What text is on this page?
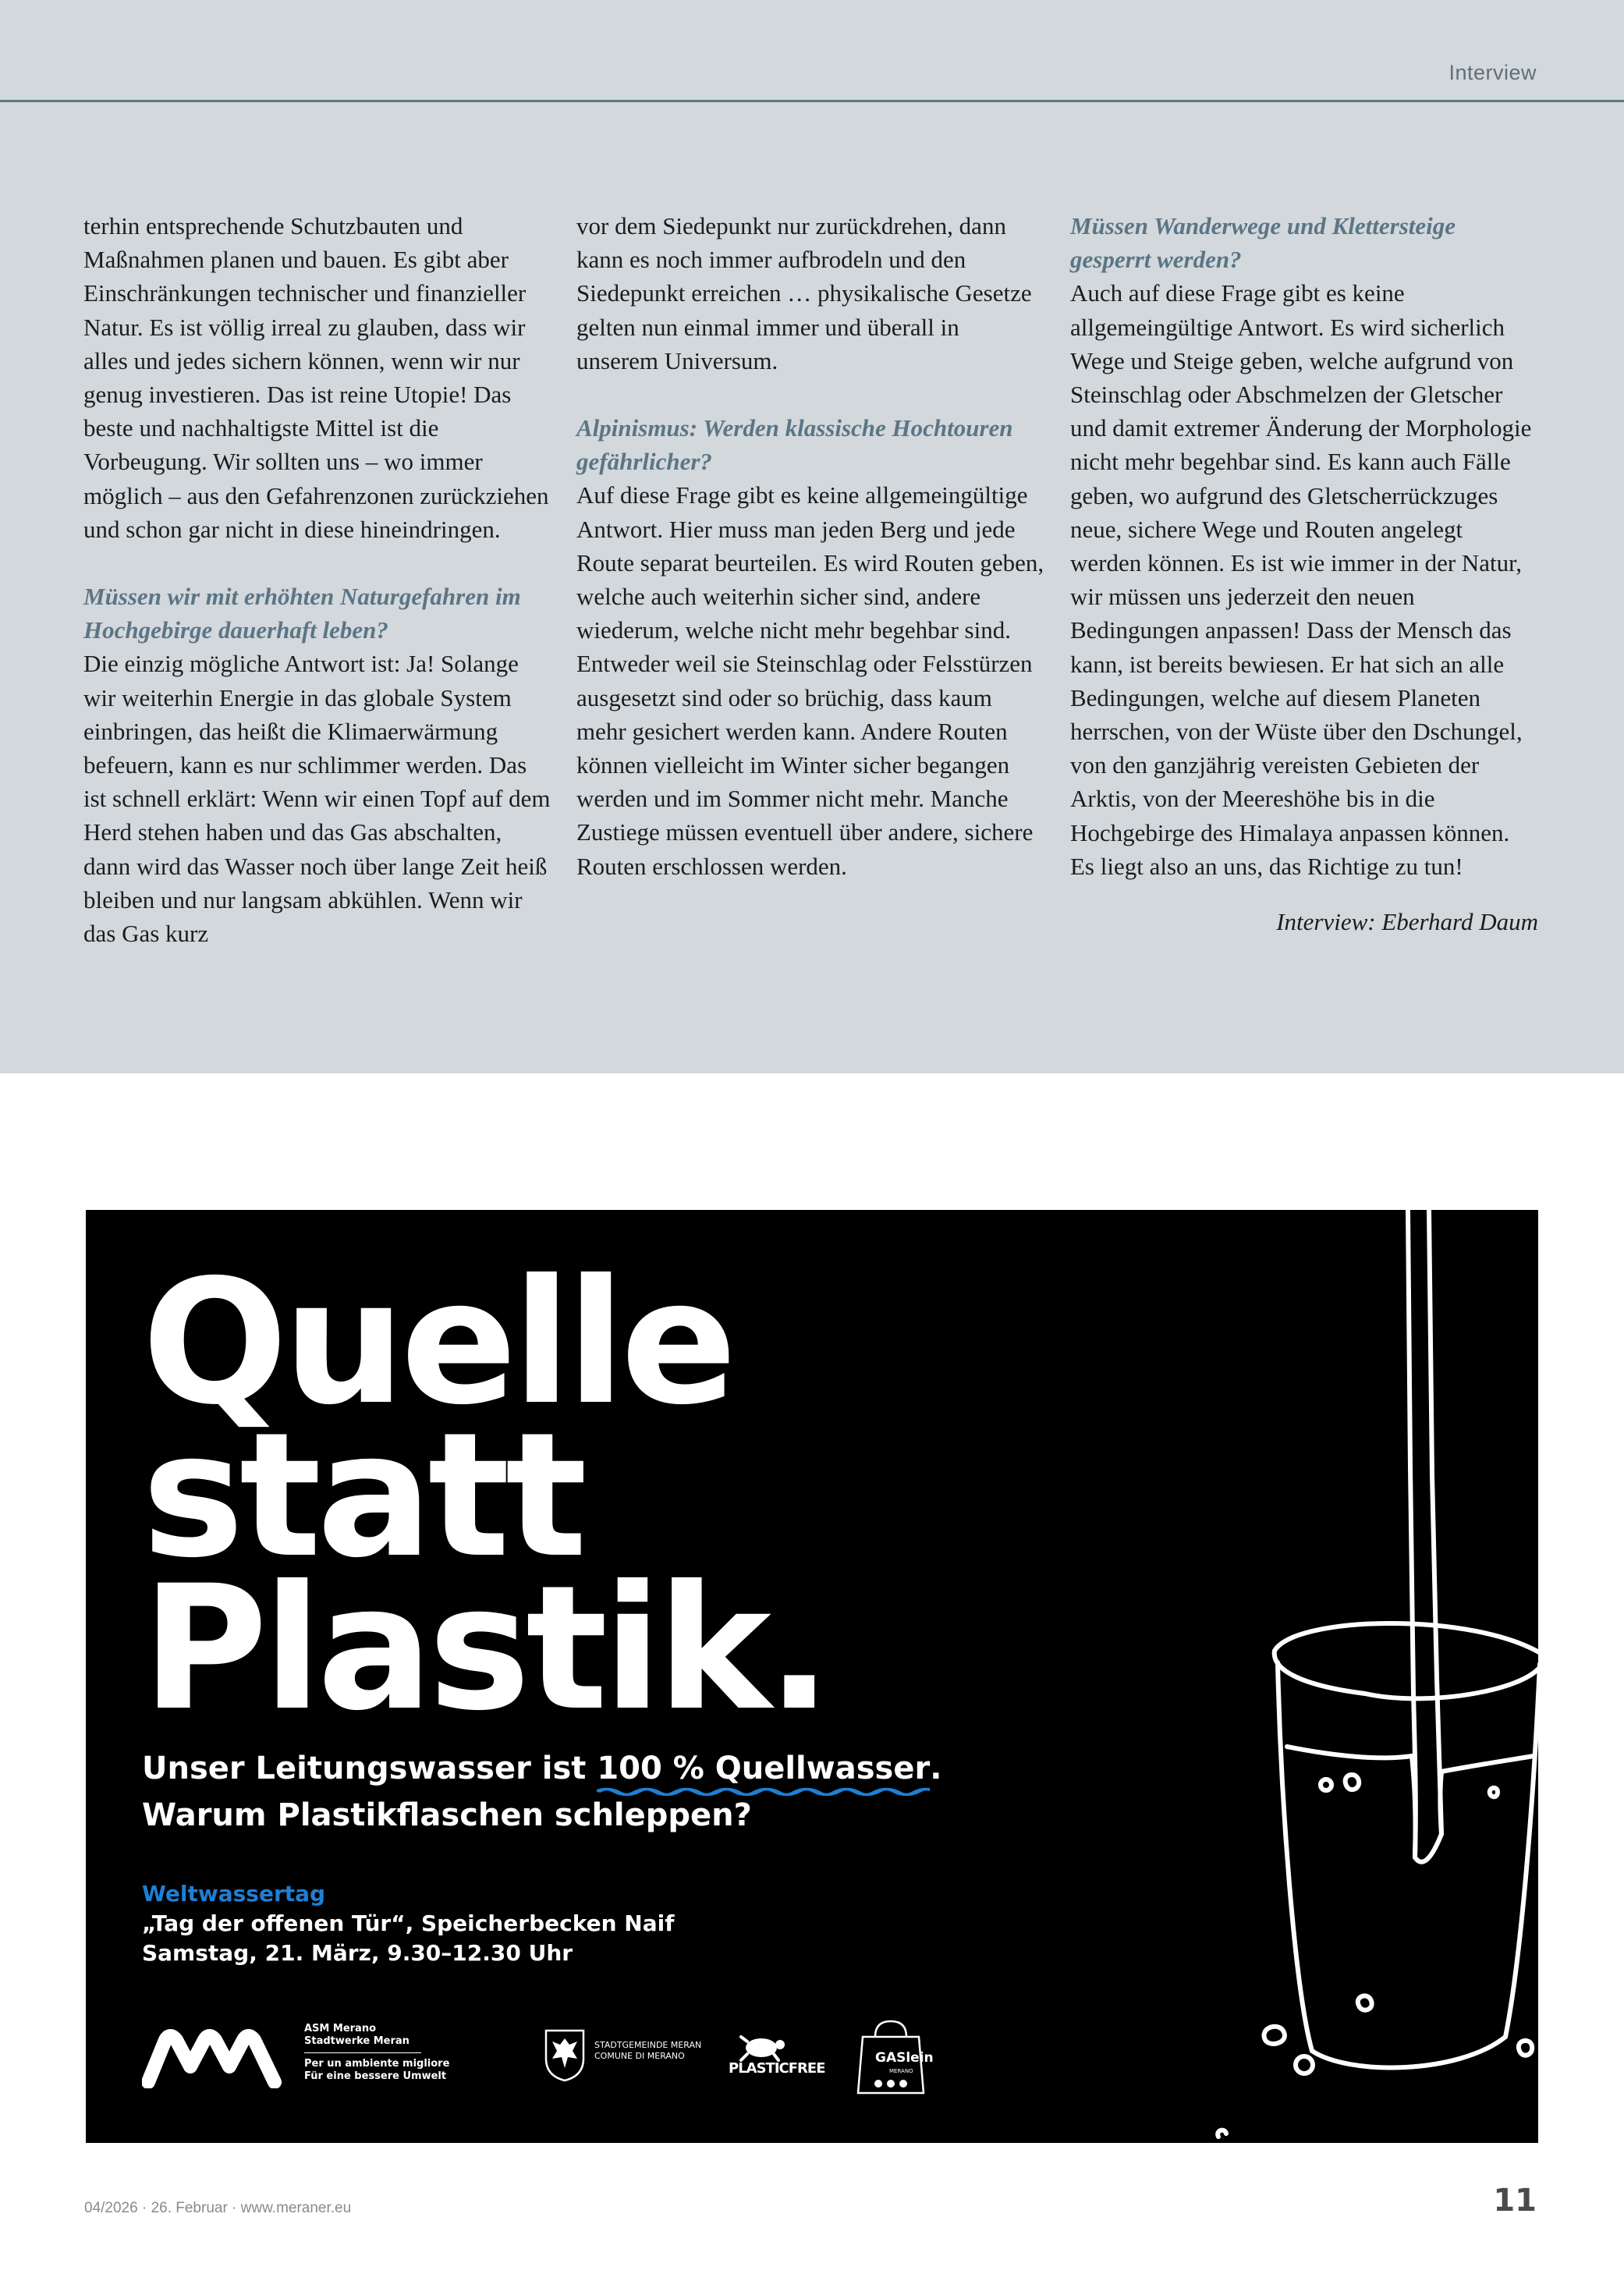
Interview

terhin entsprechende Schutzbauten und Maßnahmen planen und bauen. Es gibt aber Einschränkungen technischer und finanzieller Natur. Es ist völlig irreal zu glauben, dass wir alles und jedes sichern können, wenn wir nur genug investieren. Das ist reine Utopie! Das beste und nachhaltigste Mittel ist die Vorbeugung. Wir sollten uns – wo immer möglich – aus den Gefahrenzonen zurückziehen und schon gar nicht in diese hineindringen.

Müssen wir mit erhöhten Naturgefahren im Hochgebirge dauerhaft leben?

Die einzig mögliche Antwort ist: Ja! Solange wir weiterhin Energie in das globale System einbringen, das heißt die Klimaerwärmung befeuern, kann es nur schlimmer werden. Das ist schnell erklärt: Wenn wir einen Topf auf dem Herd stehen haben und das Gas abschalten, dann wird das Wasser noch über lange Zeit heiß bleiben und nur langsam abkühlen. Wenn wir das Gas kurz

vor dem Siedepunkt nur zurückdrehen, dann kann es noch immer aufbrodeln und den Siedepunkt erreichen … physikalische Gesetze gelten nun einmal immer und überall in unserem Universum.

Alpinismus: Werden klassische Hochtouren gefährlicher?

Auf diese Frage gibt es keine allgemeingültige Antwort. Hier muss man jeden Berg und jede Route separat beurteilen. Es wird Routen geben, welche auch weiterhin sicher sind, andere wiederum, welche nicht mehr begehbar sind. Entweder weil sie Steinschlag oder Felsstürzen ausgesetzt sind oder so brüchig, dass kaum mehr gesichert werden kann. Andere Routen können vielleicht im Winter sicher begangen werden und im Sommer nicht mehr. Manche Zustiege müssen eventuell über andere, sichere Routen erschlossen werden.

Müssen Wanderwege und Klettersteige gesperrt werden?

Auch auf diese Frage gibt es keine allgemeingültige Antwort. Es wird sicherlich Wege und Steige geben, welche aufgrund von Steinschlag oder Abschmelzen der Gletscher und damit extremer Änderung der Morphologie nicht mehr begehbar sind. Es kann auch Fälle geben, wo aufgrund des Gletscherrückzuges neue, sichere Wege und Routen angelegt werden können. Es ist wie immer in der Natur, wir müssen uns jederzeit den neuen Bedingungen anpassen! Dass der Mensch das kann, ist bereits bewiesen. Er hat sich an alle Bedingungen, welche auf diesem Planeten herrschen, von der Wüste über den Dschungel, von den ganzjährig vereisten Gebieten der Arktis, von der Meereshöhe bis in die Hochgebirge des Himalaya anpassen können. Es liegt also an uns, das Richtige zu tun!

Interview: Eberhard Daum

Quelle
statt
Plastik.
Unser Leitungswasser ist 100 % Quellwasser
.
Warum Plastikflaschen schleppen?
Weltwassertag
„Tag der offenen Tür“, Speicherbecken Naif
Samstag, 21. März, 9.30–12.30 Uhr
ASM Merano
Stadtwerke Meran
Per un ambiente migliore
Für eine bessere Umwelt
STADTGEMEINDE MERAN
COMUNE DI MERANO
PLASTICFREE
GASlein
MERANO
04/2026 · 26. Februar · www.meraner.eu	11
